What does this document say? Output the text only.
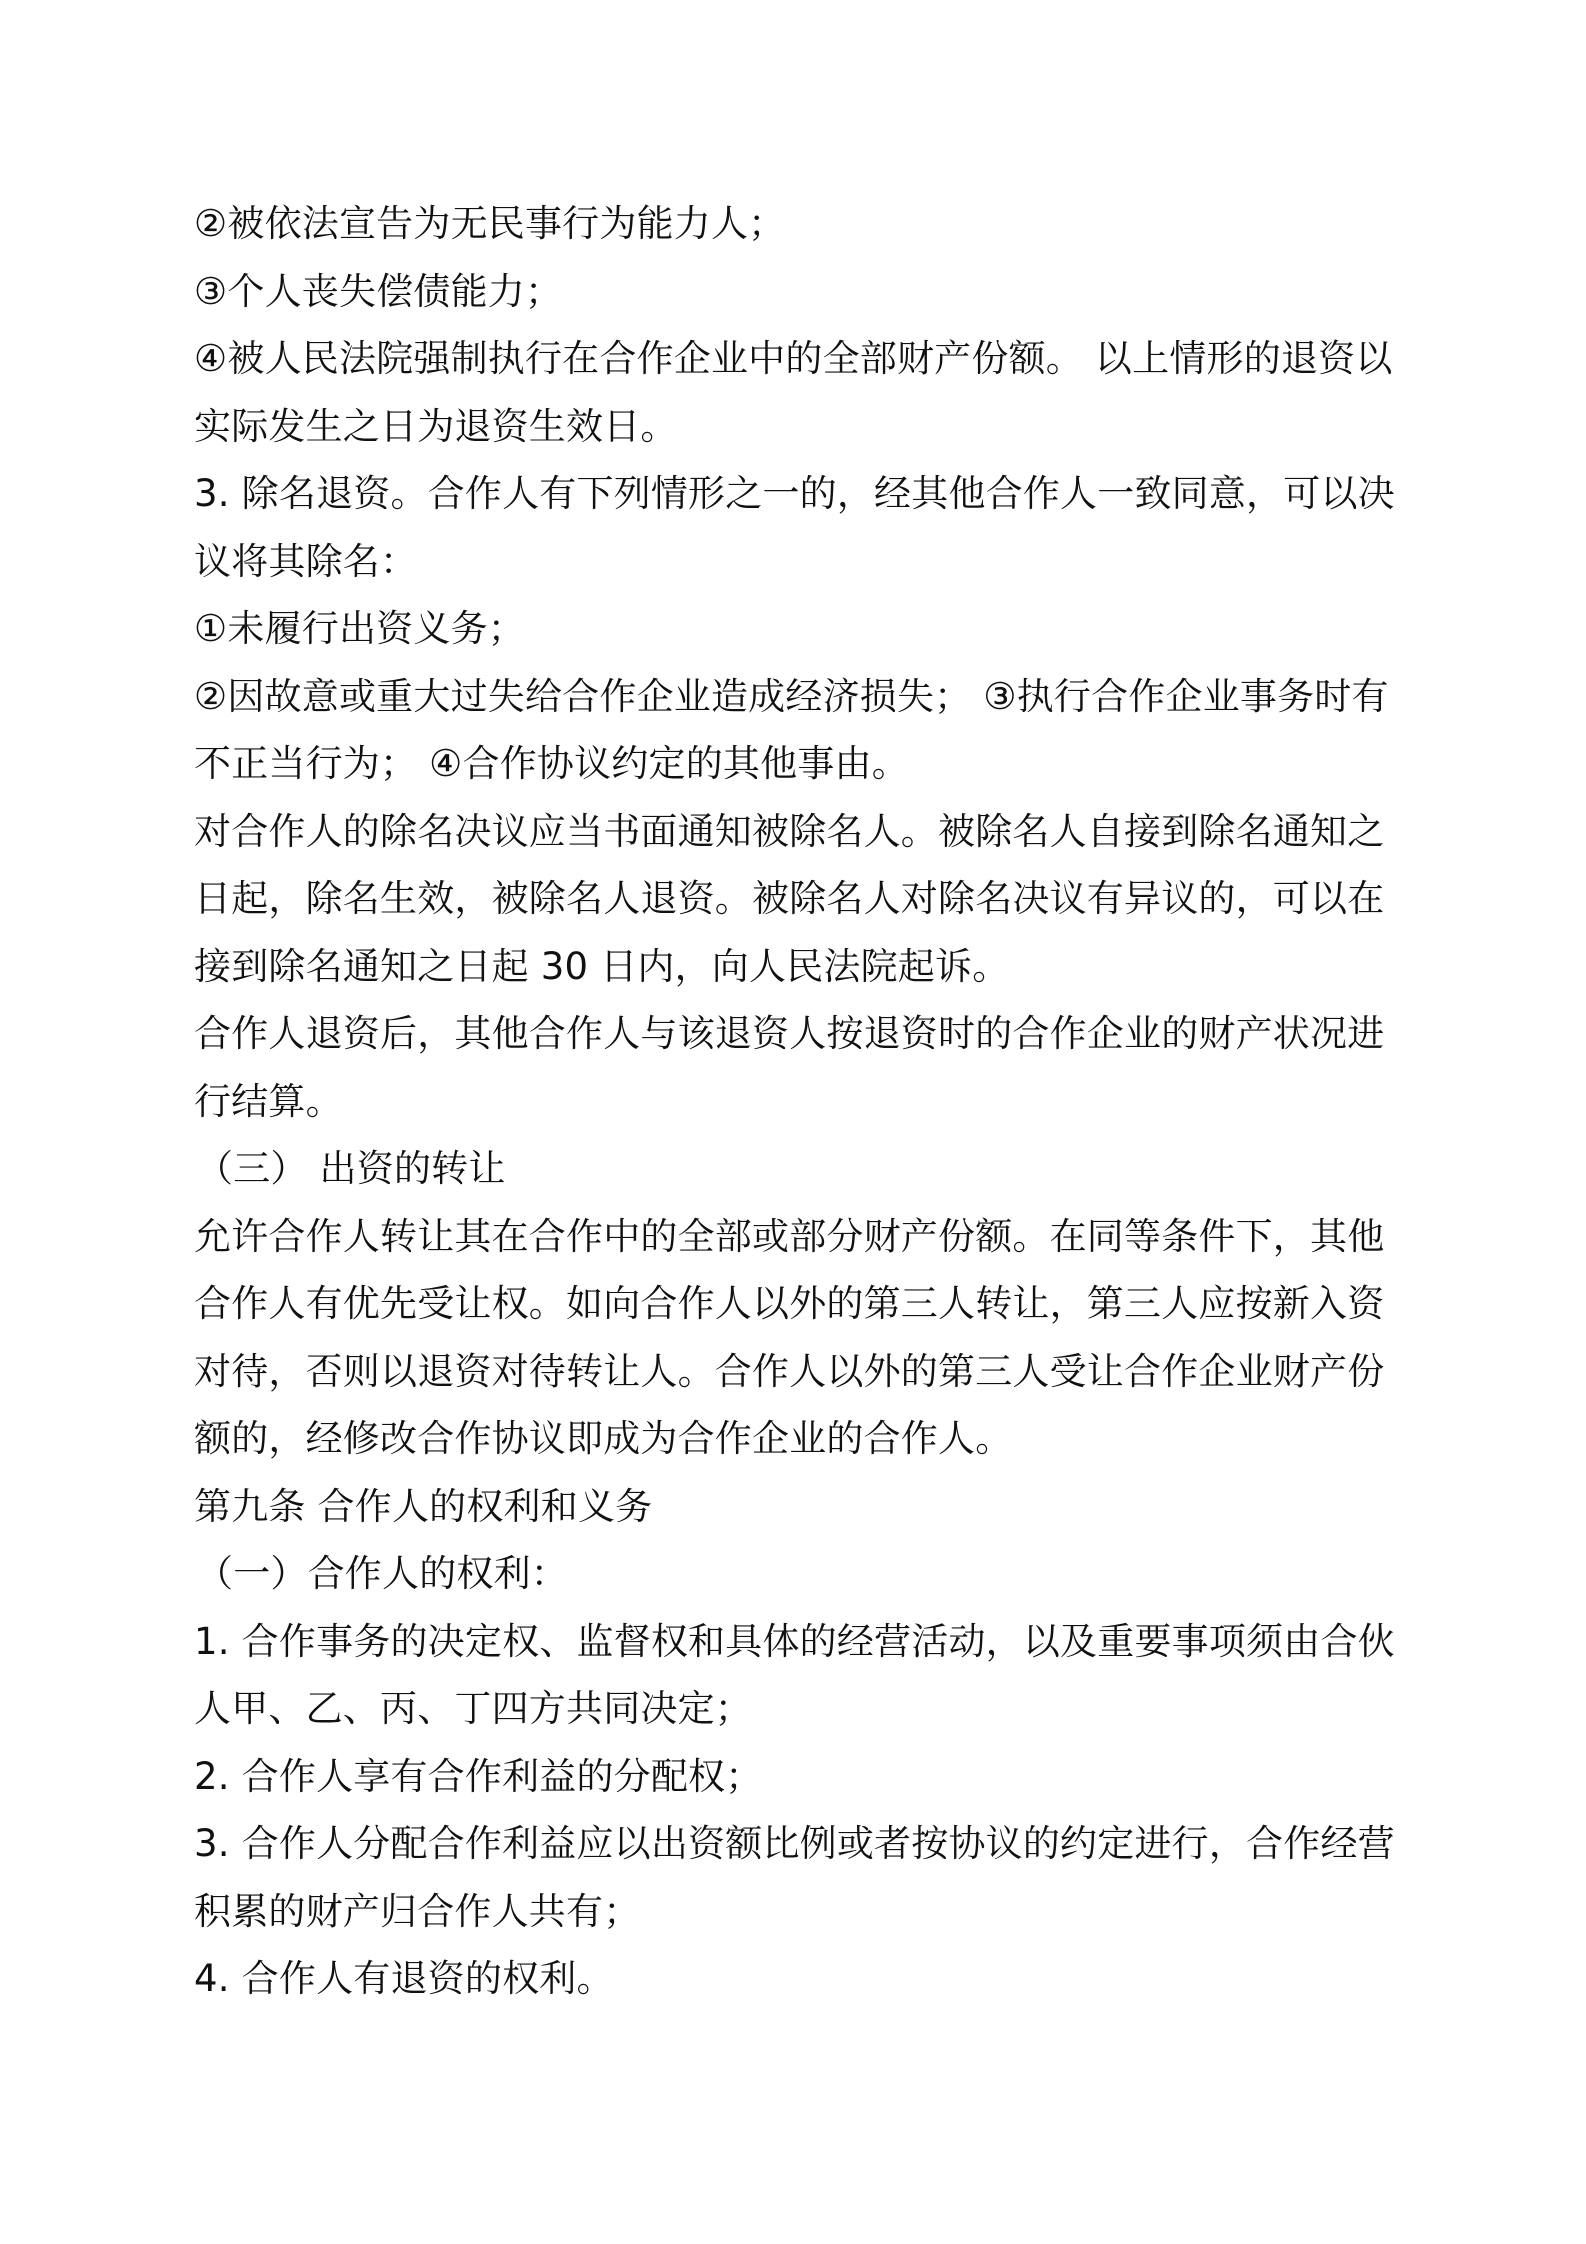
②被依法宣告为无民事行为能力人；
③个人丧失偿债能力；
④被人民法院强制执行在合作企业中的全部财产份额。 以上情形的退资以
实际发生之日为退资生效日。
3. 除名退资。合作人有下列情形之一的，经其他合作人一致同意，可以决
议将其除名：
①未履行出资义务；
②因故意或重大过失给合作企业造成经济损失； ③执行合作企业事务时有
不正当行为； ④合作协议约定的其他事由。
对合作人的除名决议应当书面通知被除名人。被除名人自接到除名通知之
日起，除名生效，被除名人退资。被除名人对除名决议有异议的，可以在
接到除名通知之日起 30 日内，向人民法院起诉。
合作人退资后，其他合作人与该退资人按退资时的合作企业的财产状况进
行结算。
（三） 出资的转让
允许合作人转让其在合作中的全部或部分财产份额。在同等条件下，其他
合作人有优先受让权。如向合作人以外的第三人转让，第三人应按新入资
对待，否则以退资对待转让人。合作人以外的第三人受让合作企业财产份
额的，经修改合作协议即成为合作企业的合作人。
第九条 合作人的权利和义务
（一）合作人的权利：
1. 合作事务的决定权、监督权和具体的经营活动，以及重要事项须由合伙
人甲、乙、丙、丁四方共同决定；
2. 合作人享有合作利益的分配权；
3. 合作人分配合作利益应以出资额比例或者按协议的约定进行，合作经营
积累的财产归合作人共有；
4. 合作人有退资的权利。
